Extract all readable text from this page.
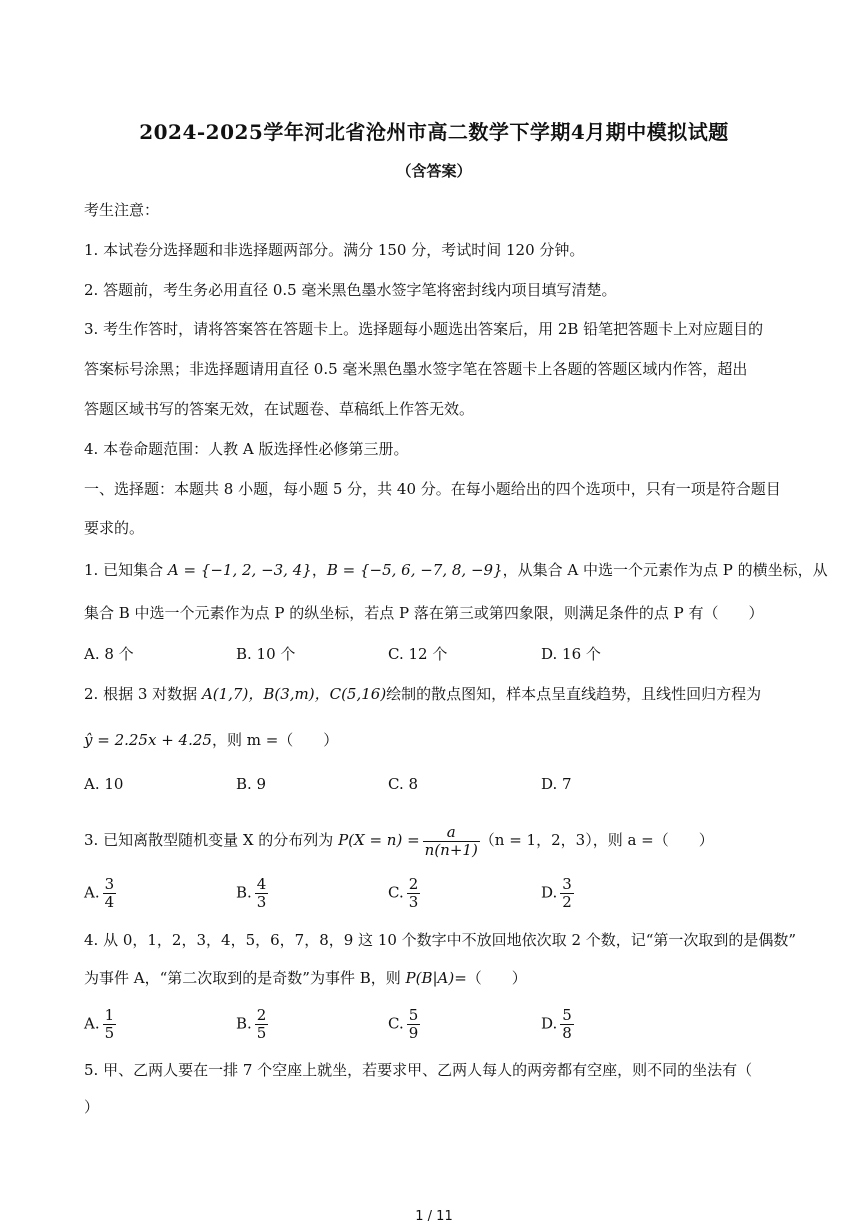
2024-2025学年河北省沧州市高二数学下学期4月期中模拟试题
（含答案）
考生注意：
1. 本试卷分选择题和非选择题两部分。满分 150 分，考试时间 120 分钟。
2. 答题前，考生务必用直径 0.5 毫米黑色墨水签字笔将密封线内项目填写清楚。
3. 考生作答时，请将答案答在答题卡上。选择题每小题选出答案后，用 2B 铅笔把答题卡上对应题目的
答案标号涂黑；非选择题请用直径 0.5 毫米黑色墨水签字笔在答题卡上各题的答题区域内作答，超出
答题区域书写的答案无效，在试题卷、草稿纸上作答无效。
4. 本卷命题范围：人教 A 版选择性必修第三册。
一、选择题：本题共 8 小题，每小题 5 分，共 40 分。在每小题给出的四个选项中，只有一项是符合题目
要求的。
1. 已知集合 A = {−1, 2, −3, 4}，B = {−5, 6, −7, 8, −9}，从集合 A 中选一个元素作为点 P 的横坐标，从
集合 B 中选一个元素作为点 P 的纵坐标，若点 P 落在第三或第四象限，则满足条件的点 P 有（　　）
A. 8 个	B. 10 个	C. 12 个	D. 16 个
2. 根据 3 对数据 A(1,7)，B(3,m)，C(5,16)绘制的散点图知，样本点呈直线趋势，且线性回归方程为
ŷ = 2.25x + 4.25，则 m =（　　）
A. 10	B. 9	C. 8	D. 7
3. 已知离散型随机变量 X 的分布列为 $P(X = n) = \frac{a}{n(n+1)} (n = 1$，2，3），则 a =（　　）
A. $\frac{3}{4}$	B. $\frac{4}{3}$	C. $\frac{2}{3}$	D. $\frac{3}{2}$
4. 从 0，1，2，3，4，5，6，7，8，9 这 10 个数字中不放回地依次取 2 个数，记“第一次取到的是偶数”
为事件 A，“第二次取到的是奇数”为事件 B，则 P(B|A)=（　　）
A. $\frac{1}{5}$	B. $\frac{2}{5}$	C. $\frac{5}{9}$	D. $\frac{5}{8}$
5. 甲、乙两人要在一排 7 个空座上就坐，若要求甲、乙两人每人的两旁都有空座，则不同的坐法有（
）
1 / 11
